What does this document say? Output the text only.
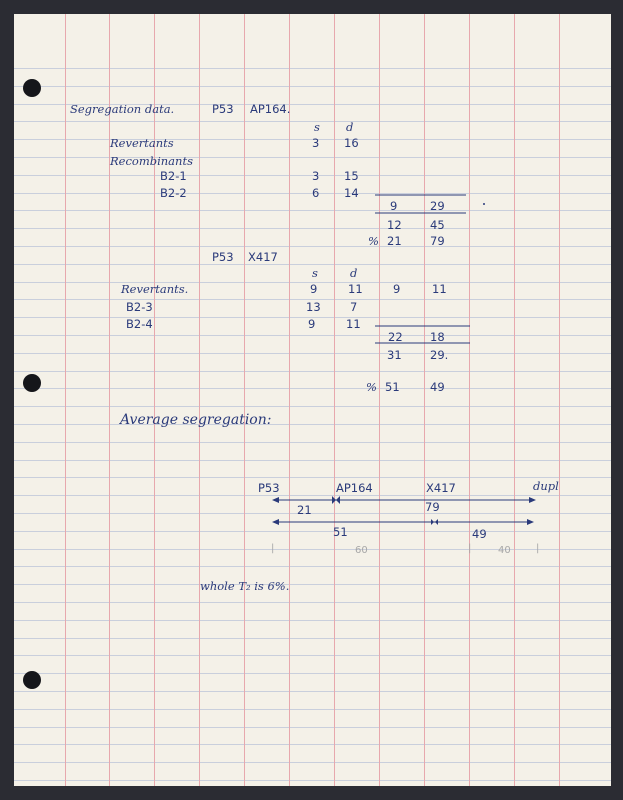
Segregation data.	P53 AP164.
s d
Revertants	3 16
Recombinants
B2-1	3 15
B2-2	6 14
9	29
12 45
% 21 79
P53 X417
s	d
Revertants.	9	11	9	11
B2-3	13	7
B2-4	9	11
22 18
31 29.
% 51	49
Average segregation:
P53	AP164	X417	dupl
21	79
51	49
|	60	|	40	|
whole T₂ is 6%.
